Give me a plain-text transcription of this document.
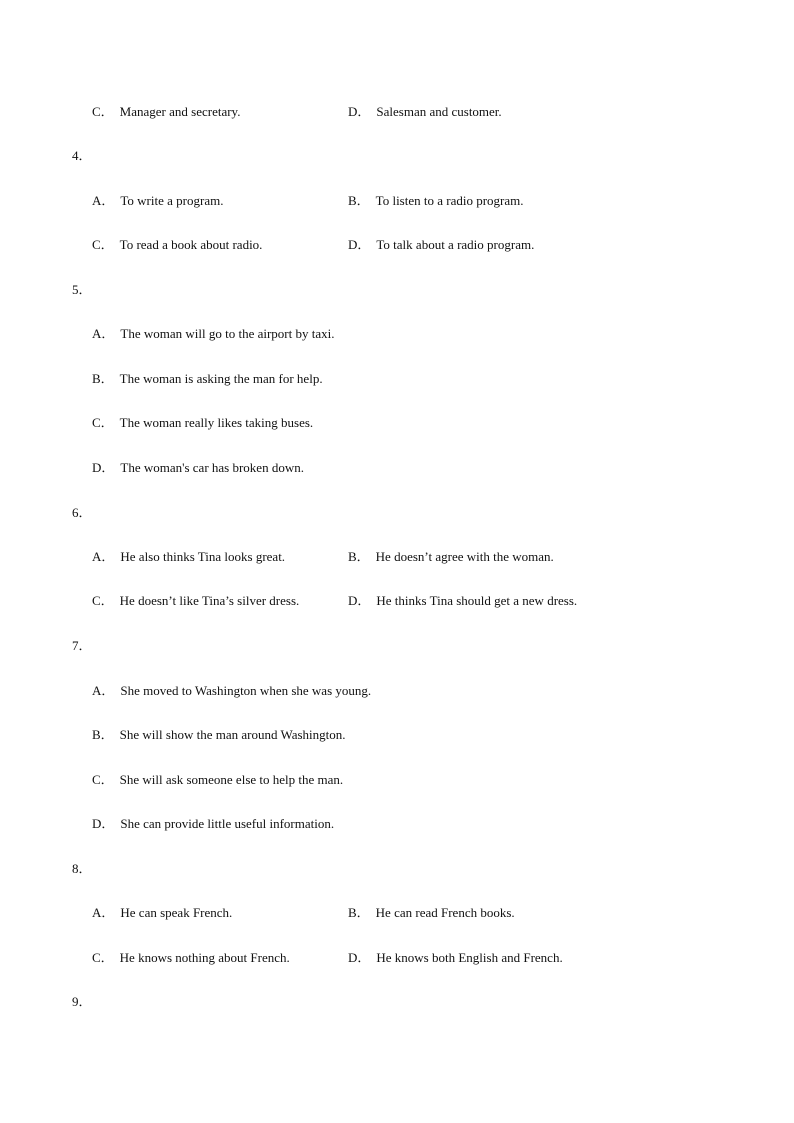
C． Manager and secretary.	D． Salesman and customer.
4．
A． To write a program.	B． To listen to a radio program.
C． To read a book about radio.	D． To talk about a radio program.
5．
A． The woman will go to the airport by taxi.
B． The woman is asking the man for help.
C． The woman really likes taking buses.
D． The woman's car has broken down.
6．
A． He also thinks Tina looks great.	B． He doesn’t agree with the woman.
C． He doesn’t like Tina’s silver dress.	D． He thinks Tina should get a new dress.
7．
A． She moved to Washington when she was young.
B． She will show the man around Washington.
C． She will ask someone else to help the man.
D． She can provide little useful information.
8．
A． He can speak French.	B． He can read French books.
C． He knows nothing about French.	D． He knows both English and French.
9．
